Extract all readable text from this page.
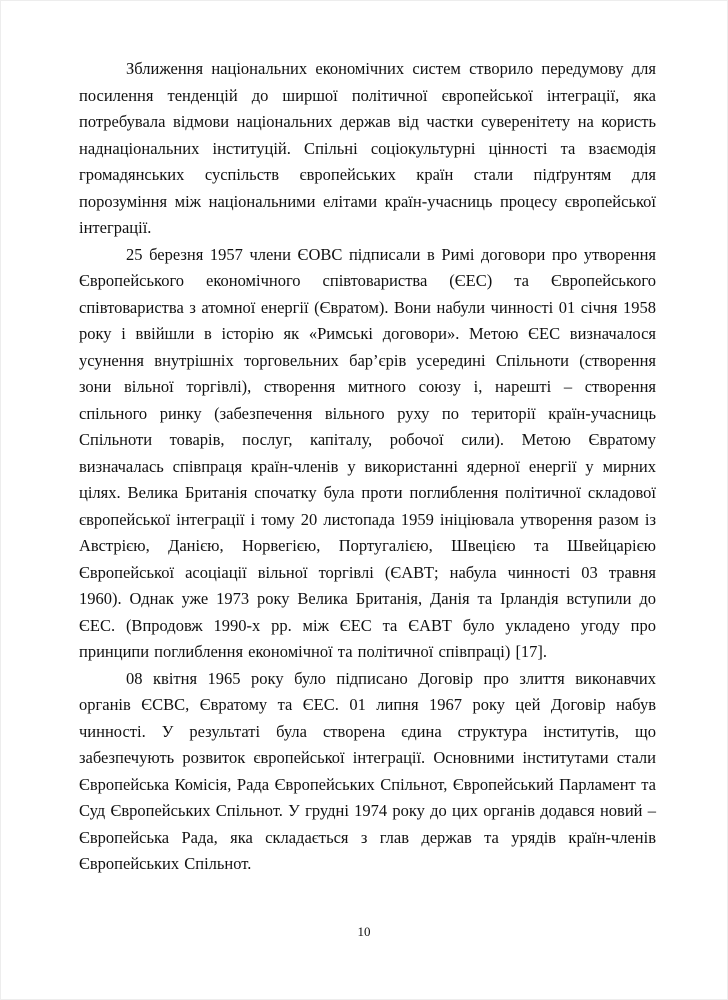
Зближення національних економічних систем створило передумову для посилення тенденцій до ширшої політичної європейської інтеграції, яка потребувала відмови національних держав від частки суверенітету на користь наднаціональних інституцій. Спільні соціокультурні цінності та взаємодія громадянських суспільств європейських країн стали підґрунтям для порозуміння між національними елітами країн-учасниць процесу європейської інтеграції.

25 березня 1957 члени ЄОВС підписали в Римі договори про утворення Європейського економічного співтовариства (ЄЕС) та Європейського співтовариства з атомної енергії (Євратом). Вони набули чинності 01 січня 1958 року і ввійшли в історію як «Римські договори». Метою ЄЕС визначалося усунення внутрішніх торговельних бар’єрів усередині Спільноти (створення зони вільної торгівлі), створення митного союзу і, нарешті – створення спільного ринку (забезпечення вільного руху по території країн-учасниць Спільноти товарів, послуг, капіталу, робочої сили). Метою Євратому визначалась співпраця країн-членів у використанні ядерної енергії у мирних цілях. Велика Британія спочатку була проти поглиблення політичної складової європейської інтеграції і тому 20 листопада 1959 ініціювала утворення разом із Австрією, Данією, Норвегією, Португалією, Швецією та Швейцарією Європейської асоціації вільної торгівлі (ЄАВТ; набула чинності 03 травня 1960). Однак уже 1973 року Велика Британія, Данія та Ірландія вступили до ЄЕС. (Впродовж 1990-х рр. між ЄЕС та ЄАВТ було укладено угоду про принципи поглиблення економічної та політичної співпраці) [17].

08 квітня 1965 року було підписано Договір про злиття виконавчих органів ЄСВС, Євратому та ЄЕС. 01 липня 1967 року цей Договір набув чинності. У результаті була створена єдина структура інститутів, що забезпечують розвиток європейської інтеграції. Основними інститутами стали Європейська Комісія, Рада Європейських Спільнот, Європейський Парламент та Суд Європейських Спільнот. У грудні 1974 року до цих органів додався новий – Європейська Рада, яка складається з глав держав та урядів країн-членів Європейських Спільнот.

10
